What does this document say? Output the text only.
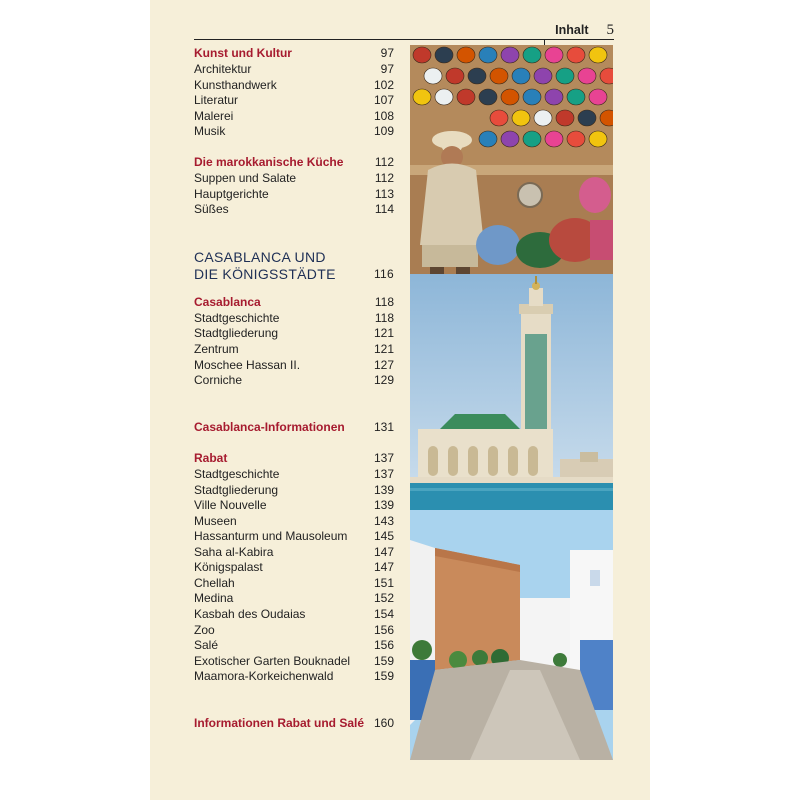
Inhalt 5
Kunst und Kultur	97
Architektur	97
Kunsthandwerk	102
Literatur	107
Malerei	108
Musik	109
Die marokkanische Küche	112
Suppen und Salate	112
Hauptgerichte	113
Süßes	114
CASABLANCA UND
DIE KÖNIGSSTÄDTE	116
Casablanca	118
Stadtgeschichte	118
Stadtgliederung	121
Zentrum	121
Moschee Hassan II.	127
Corniche	129
Casablanca-Informationen 131
Rabat	137
Stadtgeschichte	137
Stadtgliederung	139
Ville Nouvelle	139
Museen	143
Hassanturm und Mausoleum 145
Saha al-Kabira	147
Königspalast	147
Chellah	151
Medina	152
Kasbah des Oudaias	154
Zoo	156
Salé	156
Exotischer Garten Bouknadel 159
Maamora-Korkeichenwald	159
Informationen Rabat und Salé 160
